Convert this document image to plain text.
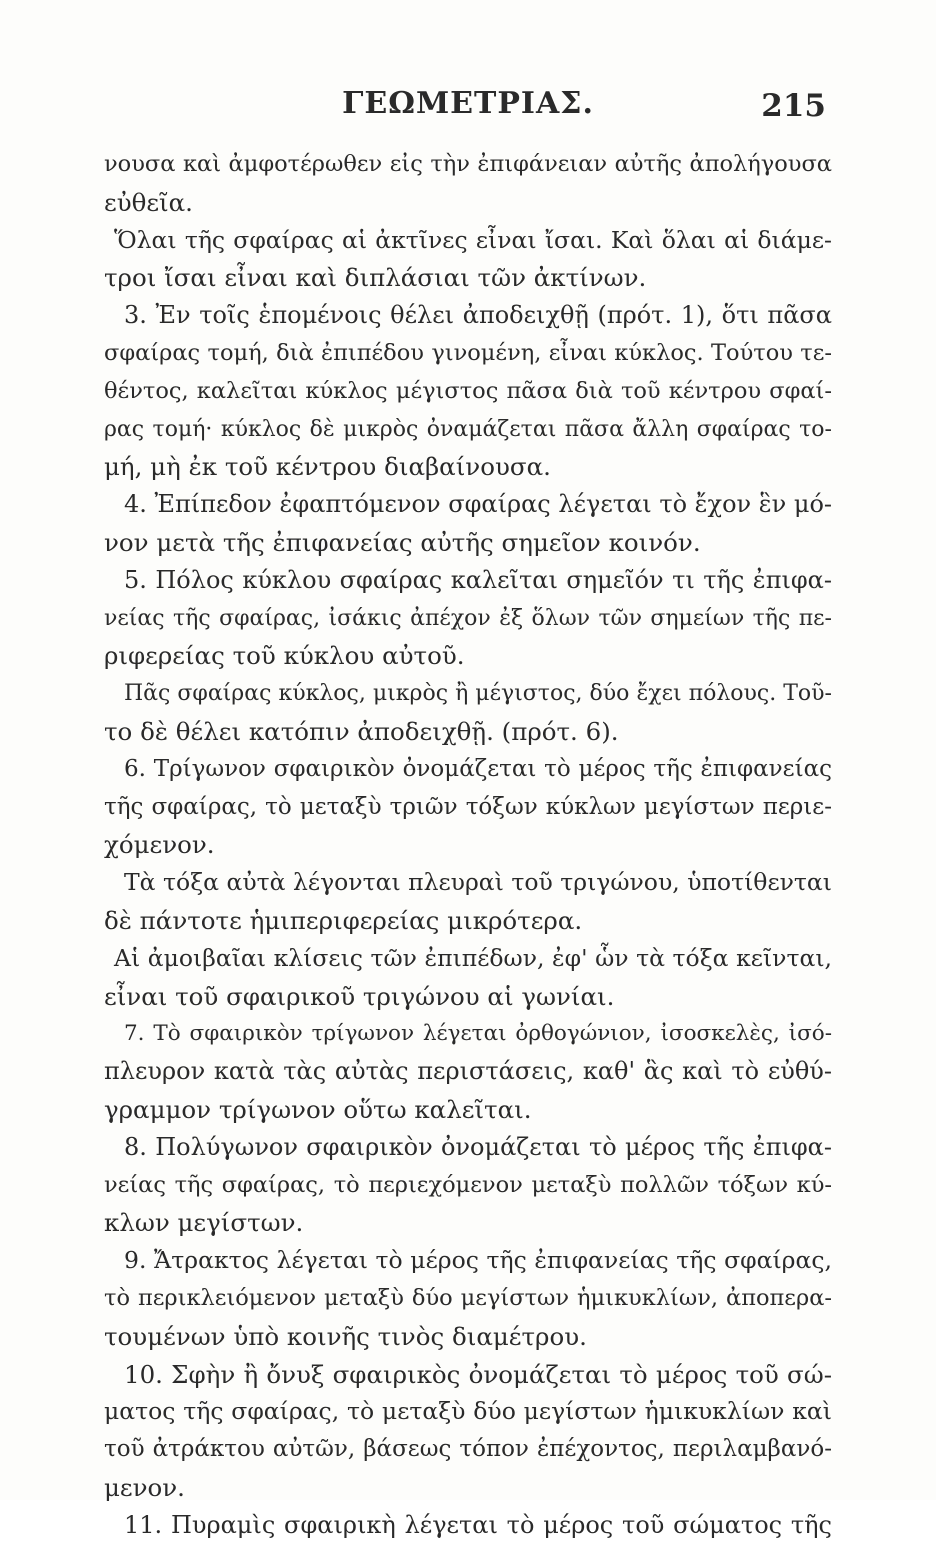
ΓΕΩΜΕΤΡΙΑΣ.	215
νουσα καὶ ἀμφοτέρωθεν εἰς τὴν ἐπιφάνειαν αὐτῆς ἀπολήγουσα
εὐθεῖα.
Ὅλαι τῆς σφαίρας αἱ ἀκτῖνες εἶναι ἴσαι. Καὶ ὅλαι αἱ διάμε-
τροι ἴσαι εἶναι καὶ διπλάσιαι τῶν ἀκτίνων.
3. Ἐν τοῖς ἑπομένοις θέλει ἀποδειχθῇ (πρότ. 1), ὅτι πᾶσα
σφαίρας τομή, διὰ ἐπιπέδου γινομένη, εἶναι κύκλος. Τούτου τε-
θέντος, καλεῖται κύκλος μέγιστος πᾶσα διὰ τοῦ κέντρου σφαί-
ρας τομή· κύκλος δὲ μικρὸς ὀναμάζεται πᾶσα ἄλλη σφαίρας το-
μή, μὴ ἐκ τοῦ κέντρου διαβαίνουσα.
4. Ἐπίπεδον ἐφαπτόμενον σφαίρας λέγεται τὸ ἔχον ἓν μό-
νον μετὰ τῆς ἐπιφανείας αὐτῆς σημεῖον κοινόν.
5. Πόλος κύκλου σφαίρας καλεῖται σημεῖόν τι τῆς ἐπιφα-
νείας τῆς σφαίρας, ἰσάκις ἀπέχον ἐξ ὅλων τῶν σημείων τῆς πε-
ριφερείας τοῦ κύκλου αὐτοῦ.
Πᾶς σφαίρας κύκλος, μικρὸς ἢ μέγιστος, δύο ἔχει πόλους. Τοῦ-
το δὲ θέλει κατόπιν ἀποδειχθῇ. (πρότ. 6).
6. Τρίγωνον σφαιρικὸν ὀνομάζεται τὸ μέρος τῆς ἐπιφανείας
τῆς σφαίρας, τὸ μεταξὺ τριῶν τόξων κύκλων μεγίστων περιε-
χόμενον.
Τὰ τόξα αὐτὰ λέγονται πλευραὶ τοῦ τριγώνου, ὑποτίθενται
δὲ πάντοτε ἡμιπεριφερείας μικρότερα.
Αἱ ἀμοιβαῖαι κλίσεις τῶν ἐπιπέδων, ἐφ' ὧν τὰ τόξα κεῖνται,
εἶναι τοῦ σφαιρικοῦ τριγώνου αἱ γωνίαι.
7. Τὸ σφαιρικὸν τρίγωνον λέγεται ὀρθογώνιον, ἰσοσκελὲς, ἰσό-
πλευρον κατὰ τὰς αὐτὰς περιστάσεις, καθ' ἃς καὶ τὸ εὐθύ-
γραμμον τρίγωνον οὕτω καλεῖται.
8. Πολύγωνον σφαιρικὸν ὀνομάζεται τὸ μέρος τῆς ἐπιφα-
νείας τῆς σφαίρας, τὸ περιεχόμενον μεταξὺ πολλῶν τόξων κύ-
κλων μεγίστων.
9. Ἄτρακτος λέγεται τὸ μέρος τῆς ἐπιφανείας τῆς σφαίρας,
τὸ περικλειόμενον μεταξὺ δύο μεγίστων ἡμικυκλίων, ἀποπερα-
τουμένων ὑπὸ κοινῆς τινὸς διαμέτρου.
10. Σφὴν ἢ ὄνυξ σφαιρικὸς ὀνομάζεται τὸ μέρος τοῦ σώ-
ματος τῆς σφαίρας, τὸ μεταξὺ δύο μεγίστων ἡμικυκλίων καὶ
τοῦ ἀτράκτου αὐτῶν, βάσεως τόπον ἐπέχοντος, περιλαμβανό-
μενον.
11. Πυραμὶς σφαιρικὴ λέγεται τὸ μέρος τοῦ σώματος τῆς
